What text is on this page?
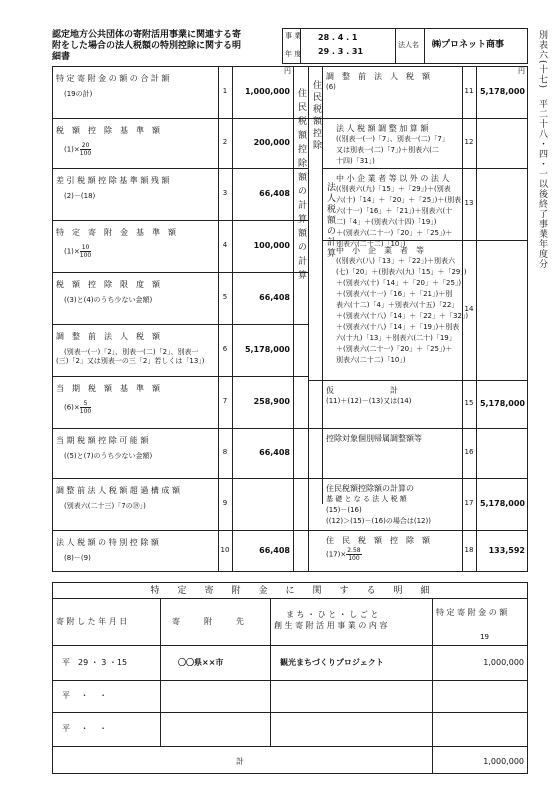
認定地方公共団体の寄附活用事業に関連する寄
附をした場合の法人税額の特別控除に関する明
細書
事 業
年 度
28 . 4 . 1
29 . 3 . 31
法人名 ㈱プロネット商事	別表六(十七)　平二十八・四・一以後終了事業年度分
特 定 寄 附 金 の 額 の 合 計 額
(19の計)	1	1,000,000
円
税　額　控　除　基　準　額
$(1)\times \frac{20}{100}$	2	200,000
差 引 税 額 控 除 基 準 額 残 額
(2)－(18)	3	66,408
特　定　寄　附　金　基　準　額
$(1)\times \frac{10}{100}$	4	100,000
税　額　控　除　限　度　額
((3)と(4)のうち少ない金額)	5	66,408
調　整　前　法　人　税　額
(別表一(一)「2」、別表一(二)「2」、別表一
(三)「2」又は別表一の三「2」若しくは「13」)
6	5,178,000
当　期　税　額　基　準　額
$(6)\times \frac{5}{100}$	7	258,900
当 期 税 額 控 除 可 能 額
((5)と(7)のうち少ない金額)	8	66,408
調 整 前 法 人 税 額 超 過 構 成 額
(別表六(二十三)「7の⑲」)	9
法 人 税 額 の 特 別 控 除 額
(8)－(9)
10	66,408
住民税額控除額の計算額の計算 住民税額控除
法人税額の計算
調　整　前　法　人　税　額
(6)	11 5,178,000
円
法 人 税 額 調 整 加 算 額
((別表一(一)「7」、別表一(二)「7」
又は別表一(二)「7」)＋別表六(二
十四)「31」)
12
中 小 企 業 者 等 以 外 の 法 人
((別表六(九)「15」＋「29」)＋(別表
六(十)「14」＋「20」＋「25」)＋(別表
六(十一)「16」＋「21」)＋別表六(十
二)「4」＋(別表六(十四)「19」)
＋(別表六(二十一)「20」＋「25」)＋
別表六(二十二)「10」)
13
中　小　企　業　者　等
((別表六(八)「13」＋「22」)＋別表六
(七)「20」＋(別表六(九)「15」＋「29」)
＋(別表六(十)「14」＋「20」＋「25」)
＋(別表六(十一)「16」＋「21」)＋別
表六(十二)「4」＋別表六(十五)「22」
＋(別表六(十八)「14」＋「22」＋「32」)
＋(別表六(十八)「14」＋「19」)＋別表
六(十九)「13」＋別表六(二十)「19」
＋(別表六(二十一)「20」＋「25」)＋
別表六(二十二)「10」)
14
仮　　　　　　　計
(11)＋(12)－(13)又は(14)	15 5,178,000
控除対象個別帰属調整額等
16
住民税額控除額の計算の
基 礎 と な る 法 人 税 額
(15)－(16)
((12)＞(15)－(16)の場合は(12))
17 5,178,000
住　民　税　額　控　除　額
$(17)\times \frac{2.58}{100}$	18	133,592
特　　定　　寄　　附　　金　　に　　関　　す　　る　　明　　細
寄 附 し た 年 月 日	寄　　　附　　　先
ま ち ・ ひ と ・ し ご と
創 生 寄 附 活 用 事 業 の 内 容
特 定 寄 附 金 の 額
19
平　29 ・ 3 ・15	〇〇県××市	観光まちづくりプロジェクト	1,000,000
平　 ・　 ・
平　 ・　 ・
計	1,000,000
